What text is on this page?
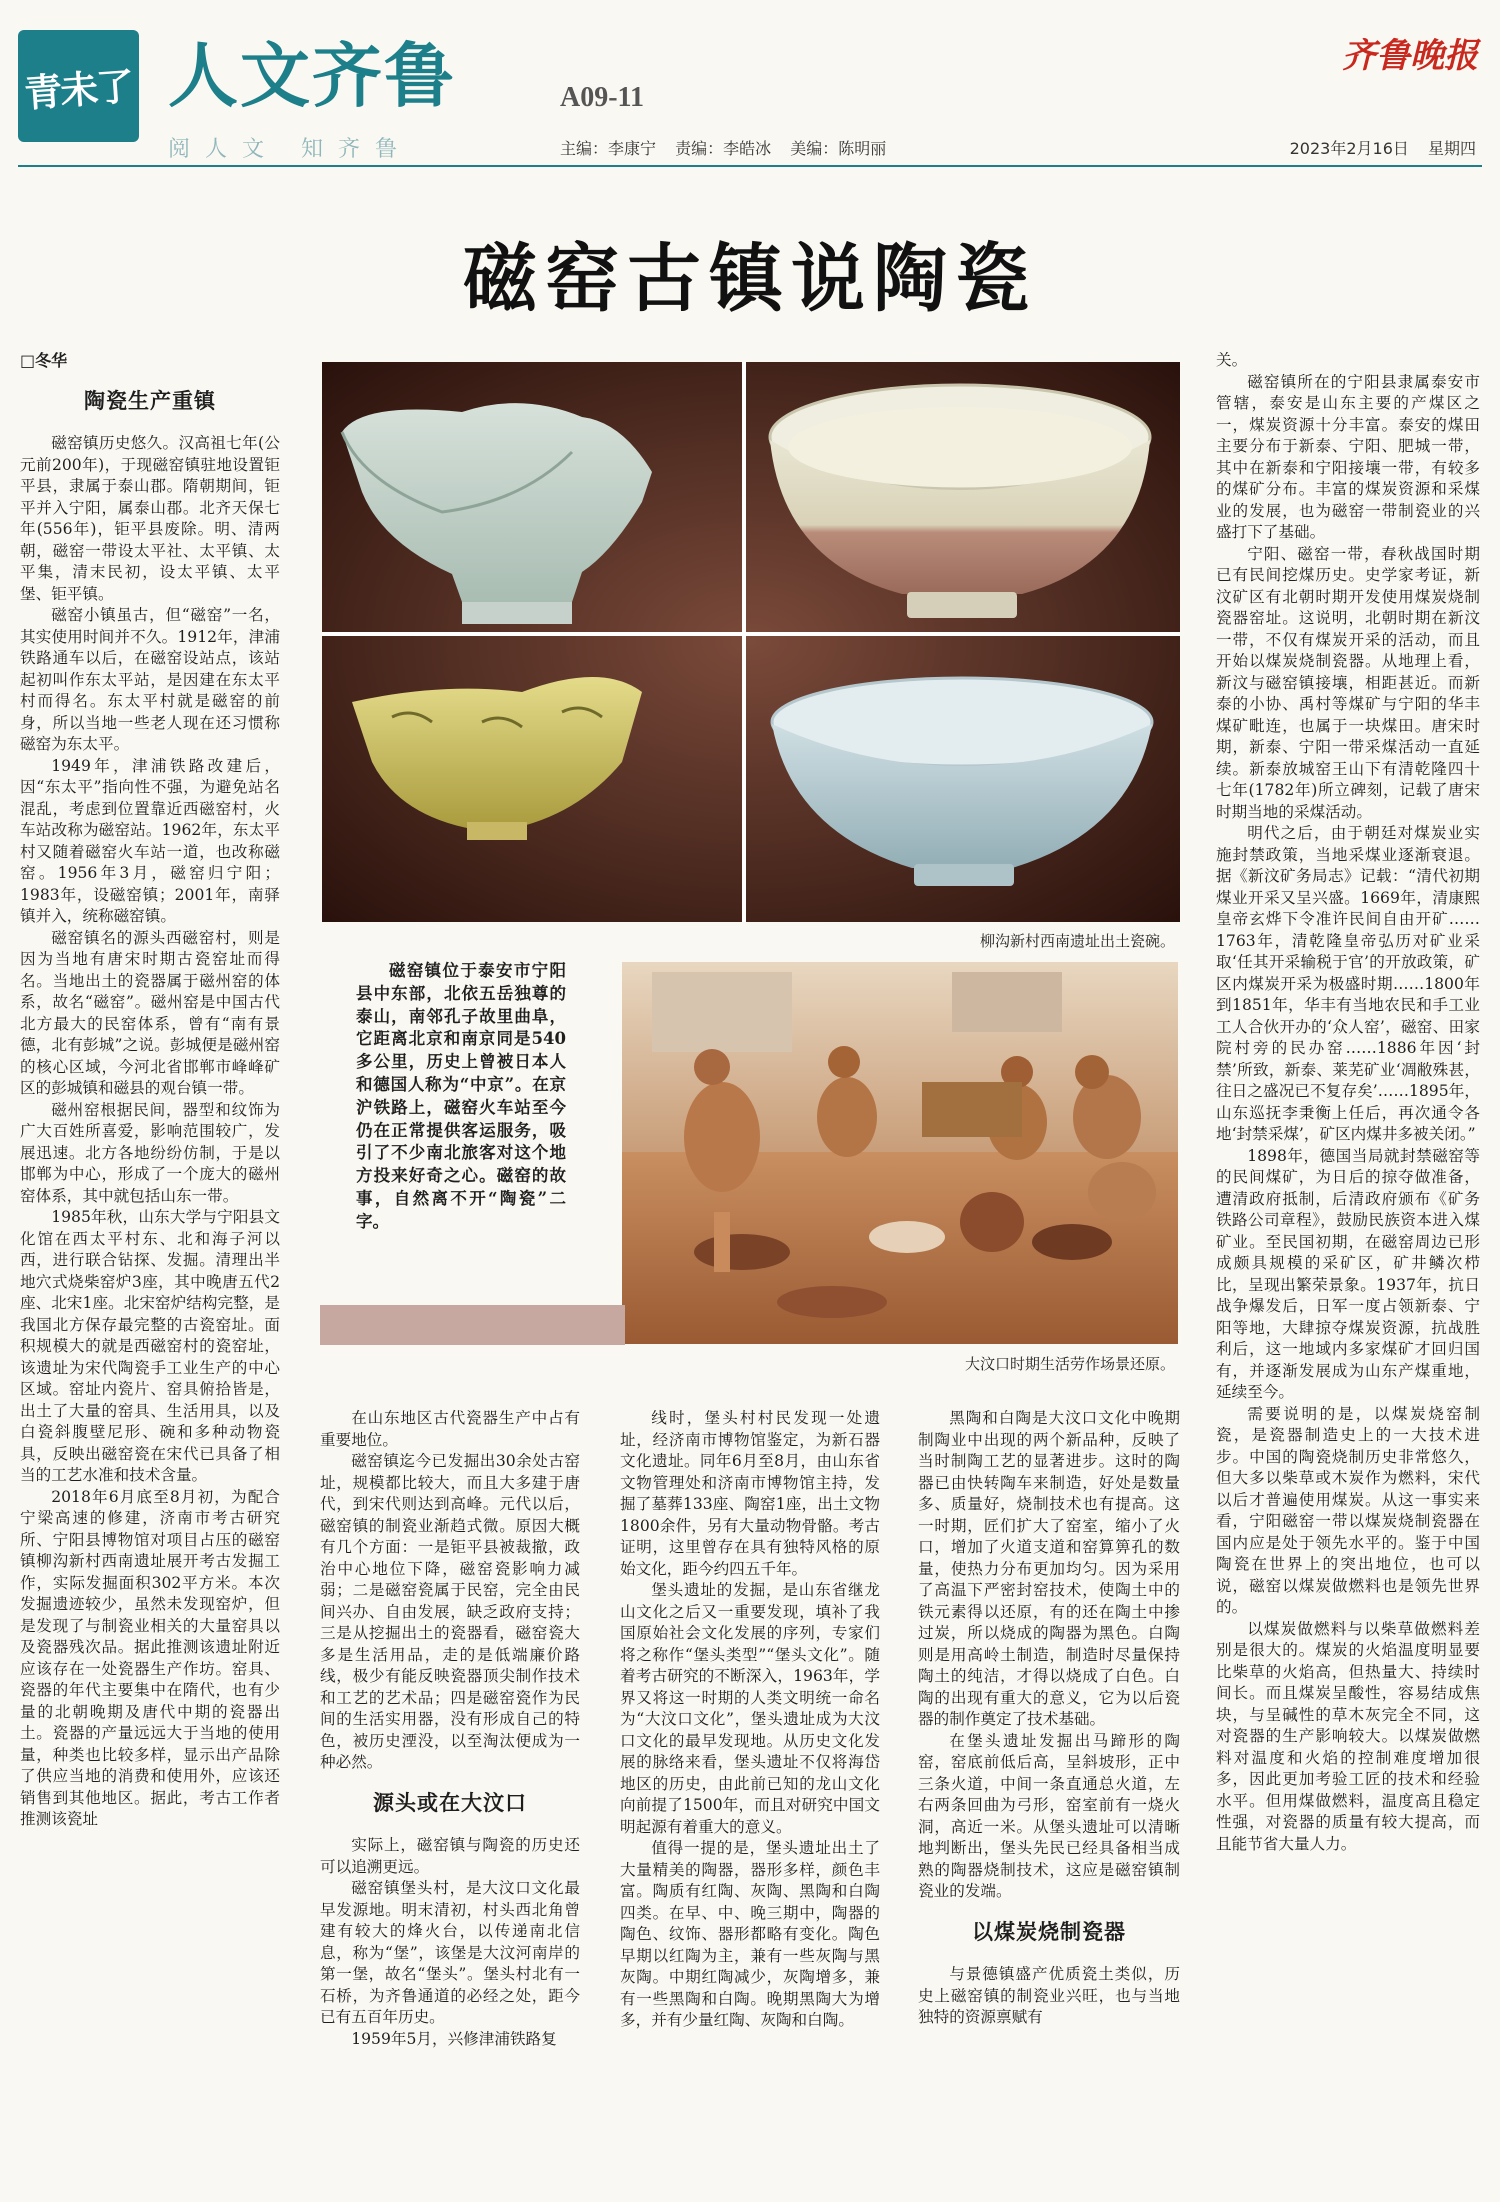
青未了 人文齐鲁	A09-11
阅人文 知齐鲁	主编：李康宁 责编：李皓冰 美编：陈明丽
齐鲁晚报
2023年2月16日 星期四
磁窑古镇说陶瓷
柳沟新村西南遗址出土瓷碗。
大汶口时期生活劳作场景还原。
磁窑镇位于泰安市宁阳县中东部，北依五岳独尊的泰山，南邻孔子故里曲阜，它距离北京和南京同是540多公里，历史上曾被日本人和德国人称为“中京”。在京沪铁路上，磁窑火车站至今仍在正常提供客运服务，吸引了不少南北旅客对这个地方投来好奇之心。磁窑的故事，自然离不开“陶瓷”二字。

□冬华

陶瓷生产重镇

磁窑镇历史悠久。汉高祖七年(公元前200年)，于现磁窑镇驻地设置钜平县，隶属于泰山郡。隋朝期间，钜平并入宁阳，属泰山郡。北齐天保七年(556年)，钜平县废除。明、清两朝，磁窑一带设太平社、太平镇、太平集，清末民初，设太平镇、太平堡、钜平镇。

磁窑小镇虽古，但“磁窑”一名，其实使用时间并不久。1912年，津浦铁路通车以后，在磁窑设站点，该站起初叫作东太平站，是因建在东太平村而得名。东太平村就是磁窑的前身，所以当地一些老人现在还习惯称磁窑为东太平。

1949年，津浦铁路改建后，因“东太平”指向性不强，为避免站名混乱，考虑到位置靠近西磁窑村，火车站改称为磁窑站。1962年，东太平村又随着磁窑火车站一道，也改称磁窑。1956年3月，磁窑归宁阳；1983年，设磁窑镇；2001年，南驿镇并入，统称磁窑镇。

磁窑镇名的源头西磁窑村，则是因为当地有唐宋时期古瓷窑址而得名。当地出土的瓷器属于磁州窑的体系，故名“磁窑”。磁州窑是中国古代北方最大的民窑体系，曾有“南有景德，北有彭城”之说。彭城便是磁州窑的核心区域，今河北省邯郸市峰峰矿区的彭城镇和磁县的观台镇一带。

磁州窑根据民间，器型和纹饰为广大百姓所喜爱，影响范围较广，发展迅速。北方各地纷纷仿制，于是以邯郸为中心，形成了一个庞大的磁州窑体系，其中就包括山东一带。

1985年秋，山东大学与宁阳县文化馆在西太平村东、北和海子河以西，进行联合钻探、发掘。清理出半地穴式烧柴窑炉3座，其中晚唐五代2座、北宋1座。北宋窑炉结构完整，是我国北方保存最完整的古瓷窑址。面积规模大的就是西磁窑村的瓷窑址，该遗址为宋代陶瓷手工业生产的中心区域。窑址内瓷片、窑具俯拾皆是，出土了大量的窑具、生活用具，以及白瓷斜腹壁尼形、碗和多种动物瓷具，反映出磁窑瓷在宋代已具备了相当的工艺水准和技术含量。

2018年6月底至8月初，为配合宁梁高速的修建，济南市考古研究所、宁阳县博物馆对项目占压的磁窑镇柳沟新村西南遗址展开考古发掘工作，实际发掘面积302平方米。本次发掘遗迹较少，虽然未发现窑炉，但是发现了与制瓷业相关的大量窑具以及瓷器残次品。据此推测该遗址附近应该存在一处瓷器生产作坊。窑具、瓷器的年代主要集中在隋代，也有少量的北朝晚期及唐代中期的瓷器出土。瓷器的产量远远大于当地的使用量，种类也比较多样，显示出产品除了供应当地的消费和使用外，应该还销售到其他地区。据此，考古工作者推测该瓷址

在山东地区古代瓷器生产中占有重要地位。

磁窑镇迄今已发掘出30余处古窑址，规模都比较大，而且大多建于唐代，到宋代则达到高峰。元代以后，磁窑镇的制瓷业渐趋式微。原因大概有几个方面：一是钜平县被裁撤，政治中心地位下降，磁窑瓷影响力减弱；二是磁窑瓷属于民窑，完全由民间兴办、自由发展，缺乏政府支持；三是从挖掘出土的瓷器看，磁窑瓷大多是生活用品，走的是低端廉价路线，极少有能反映瓷器顶尖制作技术和工艺的艺术品；四是磁窑瓷作为民间的生活实用器，没有形成自己的特色，被历史湮没，以至淘汰便成为一种必然。

源头或在大汶口

实际上，磁窑镇与陶瓷的历史还可以追溯更远。

磁窑镇堡头村，是大汶口文化最早发源地。明末清初，村头西北角曾建有较大的烽火台，以传递南北信息，称为“堡”，该堡是大汶河南岸的第一堡，故名“堡头”。堡头村北有一石桥，为齐鲁通道的必经之处，距今已有五百年历史。

1959年5月，兴修津浦铁路复

线时，堡头村村民发现一处遗址，经济南市博物馆鉴定，为新石器文化遗址。同年6月至8月，由山东省文物管理处和济南市博物馆主持，发掘了墓葬133座、陶窑1座，出土文物1800余件，另有大量动物骨骼。考古证明，这里曾存在具有独特风格的原始文化，距今约四五千年。

堡头遗址的发掘，是山东省继龙山文化之后又一重要发现，填补了我国原始社会文化发展的序列，专家们将之称作“堡头类型”“堡头文化”。随着考古研究的不断深入，1963年，学界又将这一时期的人类文明统一命名为“大汶口文化”，堡头遗址成为大汶口文化的最早发现地。从历史文化发展的脉络来看，堡头遗址不仅将海岱地区的历史，由此前已知的龙山文化向前提了1500年，而且对研究中国文明起源有着重大的意义。

值得一提的是，堡头遗址出土了大量精美的陶器，器形多样，颜色丰富。陶质有红陶、灰陶、黑陶和白陶四类。在早、中、晚三期中，陶器的陶色、纹饰、器形都略有变化。陶色早期以红陶为主，兼有一些灰陶与黑灰陶。中期红陶减少，灰陶增多，兼有一些黑陶和白陶。晚期黑陶大为增多，并有少量红陶、灰陶和白陶。

黑陶和白陶是大汶口文化中晚期制陶业中出现的两个新品种，反映了当时制陶工艺的显著进步。这时的陶器已由快转陶车来制造，好处是数量多、质量好，烧制技术也有提高。这一时期，匠们扩大了窑室，缩小了火口，增加了火道支道和窑算箅孔的数量，使热力分布更加均匀。因为采用了高温下严密封窑技术，使陶土中的铁元素得以还原，有的还在陶土中掺过炭，所以烧成的陶器为黑色。白陶则是用高岭土制造，制造时尽量保持陶土的纯洁，才得以烧成了白色。白陶的出现有重大的意义，它为以后瓷器的制作奠定了技术基础。

在堡头遗址发掘出马蹄形的陶窑，窑底前低后高，呈斜坡形，正中三条火道，中间一条直通总火道，左右两条回曲为弓形，窑室前有一烧火洞，高近一米。从堡头遗址可以清晰地判断出，堡头先民已经具备相当成熟的陶器烧制技术，这应是磁窑镇制瓷业的发端。

以煤炭烧制瓷器

与景德镇盛产优质瓷土类似，历史上磁窑镇的制瓷业兴旺，也与当地独特的资源禀赋有

关。

磁窑镇所在的宁阳县隶属泰安市管辖，泰安是山东主要的产煤区之一，煤炭资源十分丰富。泰安的煤田主要分布于新泰、宁阳、肥城一带，其中在新泰和宁阳接壤一带，有较多的煤矿分布。丰富的煤炭资源和采煤业的发展，也为磁窑一带制瓷业的兴盛打下了基础。

宁阳、磁窑一带，春秋战国时期已有民间挖煤历史。史学家考证，新汶矿区有北朝时期开发使用煤炭烧制瓷器窑址。这说明，北朝时期在新汶一带，不仅有煤炭开采的活动，而且开始以煤炭烧制瓷器。从地理上看，新汶与磁窑镇接壤，相距甚近。而新泰的小协、禹村等煤矿与宁阳的华丰煤矿毗连，也属于一块煤田。唐宋时期，新泰、宁阳一带采煤活动一直延续。新泰放城窑王山下有清乾隆四十七年(1782年)所立碑刻，记载了唐宋时期当地的采煤活动。

明代之后，由于朝廷对煤炭业实施封禁政策，当地采煤业逐渐衰退。据《新汶矿务局志》记载：“清代初期煤业开采又呈兴盛。1669年，清康熙皇帝玄烨下令准许民间自由开矿……1763年，清乾隆皇帝弘历对矿业采取‘任其开采输税于官’的开放政策，矿区内煤炭开采为极盛时期……1800年到1851年，华丰有当地农民和手工业工人合伙开办的‘众人窑’，磁窑、田家院村旁的民办窑……1886年因‘封禁’所致，新泰、莱芜矿业‘凋敝殊甚，往日之盛况已不复存矣’……1895年，山东巡抚李秉衡上任后，再次通令各地‘封禁采煤’，矿区内煤井多被关闭。”

1898年，德国当局就封禁磁窑等的民间煤矿，为日后的掠夺做准备，遭清政府抵制，后清政府颁布《矿务铁路公司章程》，鼓励民族资本进入煤矿业。至民国初期，在磁窑周边已形成颇具规模的采矿区，矿井鳞次栉比，呈现出繁荣景象。1937年，抗日战争爆发后，日军一度占领新泰、宁阳等地，大肆掠夺煤炭资源，抗战胜利后，这一地域内多家煤矿才回归国有，并逐渐发展成为山东产煤重地，延续至今。

需要说明的是，以煤炭烧窑制瓷，是瓷器制造史上的一大技术进步。中国的陶瓷烧制历史非常悠久，但大多以柴草或木炭作为燃料，宋代以后才普遍使用煤炭。从这一事实来看，宁阳磁窑一带以煤炭烧制瓷器在国内应是处于领先水平的。鉴于中国陶瓷在世界上的突出地位，也可以说，磁窑以煤炭做燃料也是领先世界的。

以煤炭做燃料与以柴草做燃料差别是很大的。煤炭的火焰温度明显要比柴草的火焰高，但热量大、持续时间长。而且煤炭呈酸性，容易结成焦块，与呈碱性的草木灰完全不同，这对瓷器的生产影响较大。以煤炭做燃料对温度和火焰的控制难度增加很多，因此更加考验工匠的技术和经验水平。但用煤做燃料，温度高且稳定性强，对瓷器的质量有较大提高，而且能节省大量人力。
